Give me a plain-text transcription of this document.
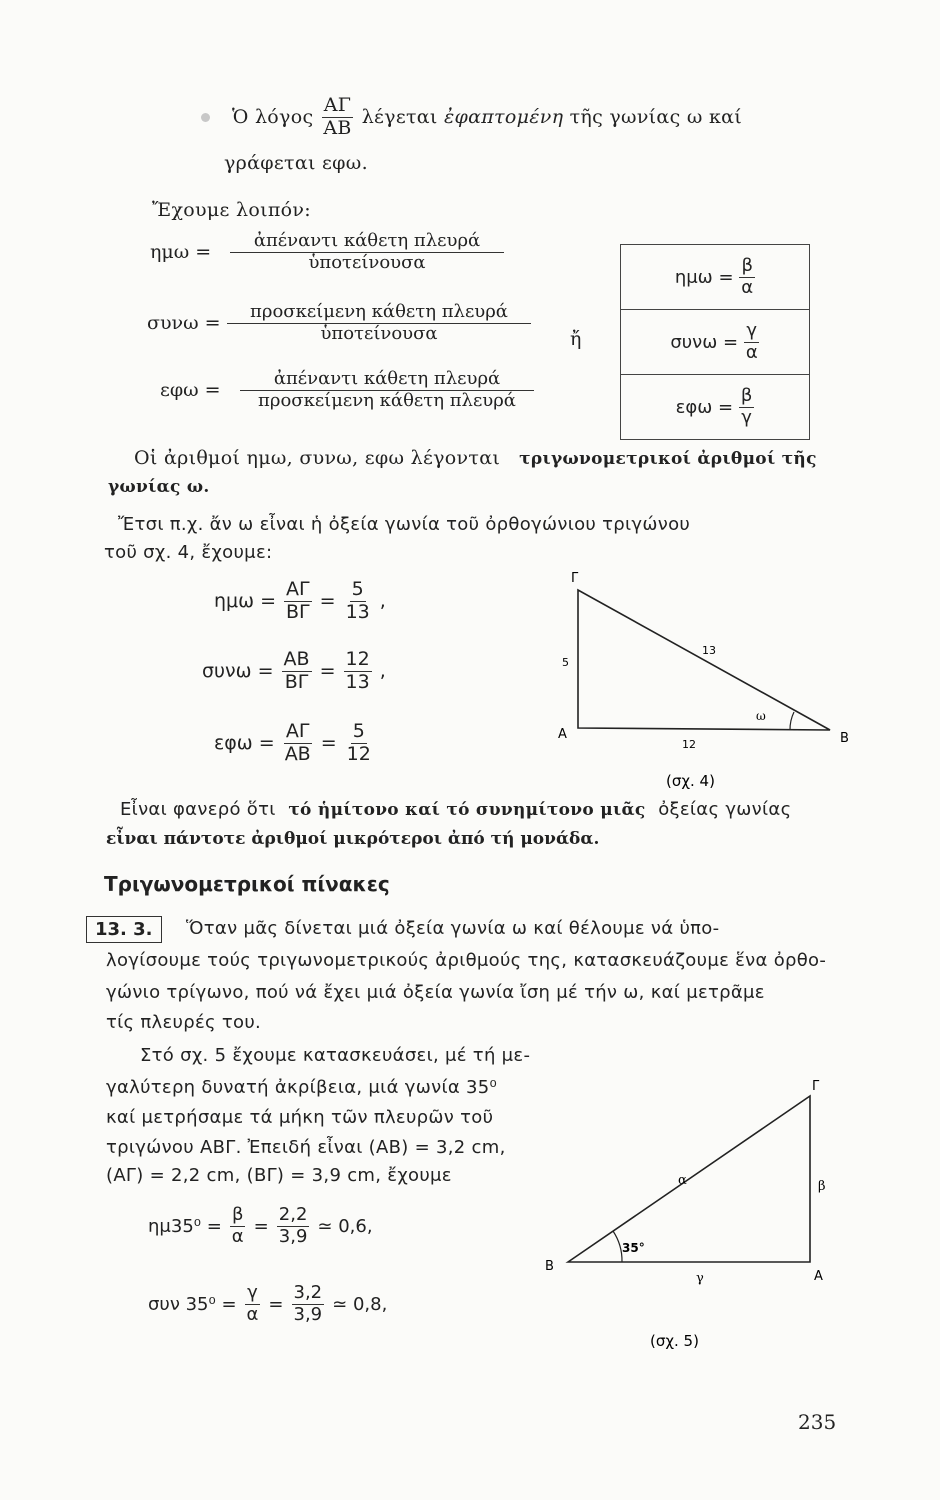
Ὁ λόγος $\frac{A\Gamma}{AB}$ λέγεται
ἐφαπτομένη
τῆς γωνίας ω καί
γράφεται εφω.
Ἔχουμε λοιπόν:
ημω =	$\frac{\text{ἀπέναντι κάθετη πλευρά}}{\text{ὑποτείνουσα}}$
$\sigma\upsilon\nu\omega = \frac{\text{προσκείμενη κάθετη πλευρά}}{\text{ὑποτείνουσα}}$
εφω =	$\frac{\text{ἀπέναντι κάθετη πλευρά}}{\text{προσκείμενη κάθετη πλευρά}}$
ἤ
ημω =
$\frac{\beta}{\alpha}$
συνω =
$\frac{\gamma}{\alpha}$
εφω =
$\frac{\beta}{\gamma}$
Οἱ ἀριθμοί ημω, συνω, εφω λέγονται τριγωνομετρικοί ἀριθμοί τῆς
γωνίας ω.
Ἔτσι π.χ. ἄν ω εἶναι ἡ ὀξεία γωνία τοῦ ὀρθογώνιου τριγώνου
τοῦ σχ. 4, ἔχουμε:
$\eta\mu\omega = \frac{A\Gamma}{B\Gamma} = \frac{5}{13}$ ,
$\sigma\upsilon\nu\omega = \frac{AB}{B\Gamma} = \frac{12}{13}$ ,
$\varepsilon\varphi\omega = \frac{A\Gamma}{AB} = \frac{5}{12}$
Γ
Α	Β
5
13
12
ω
(σχ. 4)
Εἶναι φανερό ὅτι τό ἡμίτονο καί τό συνημίτονο μιᾶς ὀξείας γωνίας
εἶναι πάντοτε ἀριθμοί μικρότεροι ἀπό τή μονάδα.
Τριγωνομετρικοί πίνακες
13. 3.	Ὅταν μᾶς δίνεται μιά ὀξεία γωνία ω καί θέλουμε νά ὑπο-
λογίσουμε τούς τριγωνομετρικούς ἀριθμούς της, κατασκευάζουμε ἕνα ὀρθο-
γώνιο τρίγωνο, πού νά ἔχει μιά ὀξεία γωνία ἴση μέ τήν ω, καί μετρᾶμε
τίς πλευρές του.
Στό σχ. 5 ἔχουμε κατασκευάσει, μέ τή με-
γαλύτερη δυνατή ἀκρίβεια, μιά γωνία 35⁰
καί μετρήσαμε τά μήκη τῶν πλευρῶν τοῦ
τριγώνου ΑΒΓ. Ἐπειδή εἶναι (ΑΒ) = 3,2 cm,
(ΑΓ) = 2,2 cm, (ΒΓ) = 3,9 cm, ἔχουμε
$\eta\mu 35^0 = \frac{\beta}{\alpha} = \frac{2,2}{3,9}$ ≃ 0,6,
συν $35^0 = \frac{\gamma}{\alpha} = \frac{3,2}{3,9}$ ≃ 0,8,
Γ
Β
Α
α	β
γ
35°
(σχ. 5)
235
